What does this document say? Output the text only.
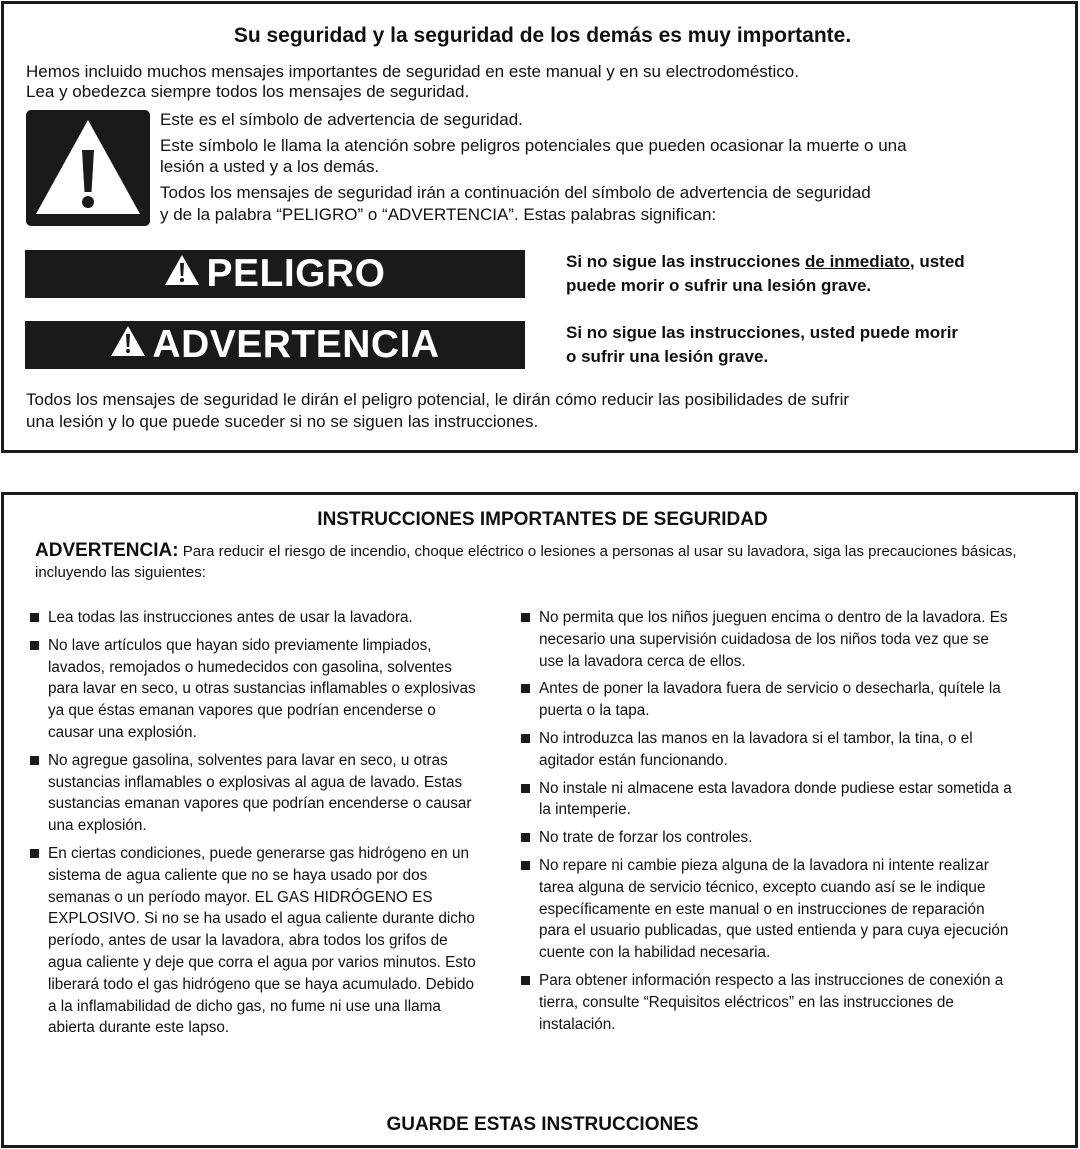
Su seguridad y la seguridad de los demás es muy importante.
Hemos incluido muchos mensajes importantes de seguridad en este manual y en su electrodoméstico.
Lea y obedezca siempre todos los mensajes de seguridad.
Este es el símbolo de advertencia de seguridad.
Este símbolo le llama la atención sobre peligros potenciales que pueden ocasionar la muerte o una
lesión a usted y a los demás.
Todos los mensajes de seguridad irán a continuación del símbolo de advertencia de seguridad
y de la palabra “PELIGRO” o “ADVERTENCIA”. Estas palabras significan:
PELIGRO	Si no sigue las instrucciones de inmediato, usted
puede morir o sufrir una lesión grave.
ADVERTENCIA	Si no sigue las instrucciones, usted puede morir
o sufrir una lesión grave.
Todos los mensajes de seguridad le dirán el peligro potencial, le dirán cómo reducir las posibilidades de sufrir
una lesión y lo que puede suceder si no se siguen las instrucciones.
INSTRUCCIONES IMPORTANTES DE SEGURIDAD
ADVERTENCIA: Para reducir el riesgo de incendio, choque eléctrico o lesiones a personas al usar su lavadora, siga las precauciones básicas, incluyendo las siguientes:
Lea todas las instrucciones antes de usar la lavadora.
No lave artículos que hayan sido previamente limpiados, lavados, remojados o humedecidos con gasolina, solventes para lavar en seco, u otras sustancias inflamables o explosivas ya que éstas emanan vapores que podrían encenderse o causar una explosión.
No agregue gasolina, solventes para lavar en seco, u otras sustancias inflamables o explosivas al agua de lavado. Estas sustancias emanan vapores que podrían encenderse o causar una explosión.
En ciertas condiciones, puede generarse gas hidrógeno en un sistema de agua caliente que no se haya usado por dos semanas o un período mayor. EL GAS HIDRÓGENO ES EXPLOSIVO. Si no se ha usado el agua caliente durante dicho período, antes de usar la lavadora, abra todos los grifos de agua caliente y deje que corra el agua por varios minutos. Esto liberará todo el gas hidrógeno que se haya acumulado. Debido a la inflamabilidad de dicho gas, no fume ni use una llama abierta durante este lapso.
No permita que los niños jueguen encima o dentro de la lavadora. Es necesario una supervisión cuidadosa de los niños toda vez que se use la lavadora cerca de ellos.
Antes de poner la lavadora fuera de servicio o desecharla, quítele la puerta o la tapa.
No introduzca las manos en la lavadora si el tambor, la tina, o el agitador están funcionando.
No instale ni almacene esta lavadora donde pudiese estar sometida a la intemperie.
No trate de forzar los controles.
No repare ni cambie pieza alguna de la lavadora ni intente realizar tarea alguna de servicio técnico, excepto cuando así se le indique específicamente en este manual o en instrucciones de reparación para el usuario publicadas, que usted entienda y para cuya ejecución cuente con la habilidad necesaria.
Para obtener información respecto a las instrucciones de conexión a tierra, consulte “Requisitos eléctricos” en las instrucciones de instalación.
GUARDE ESTAS INSTRUCCIONES
